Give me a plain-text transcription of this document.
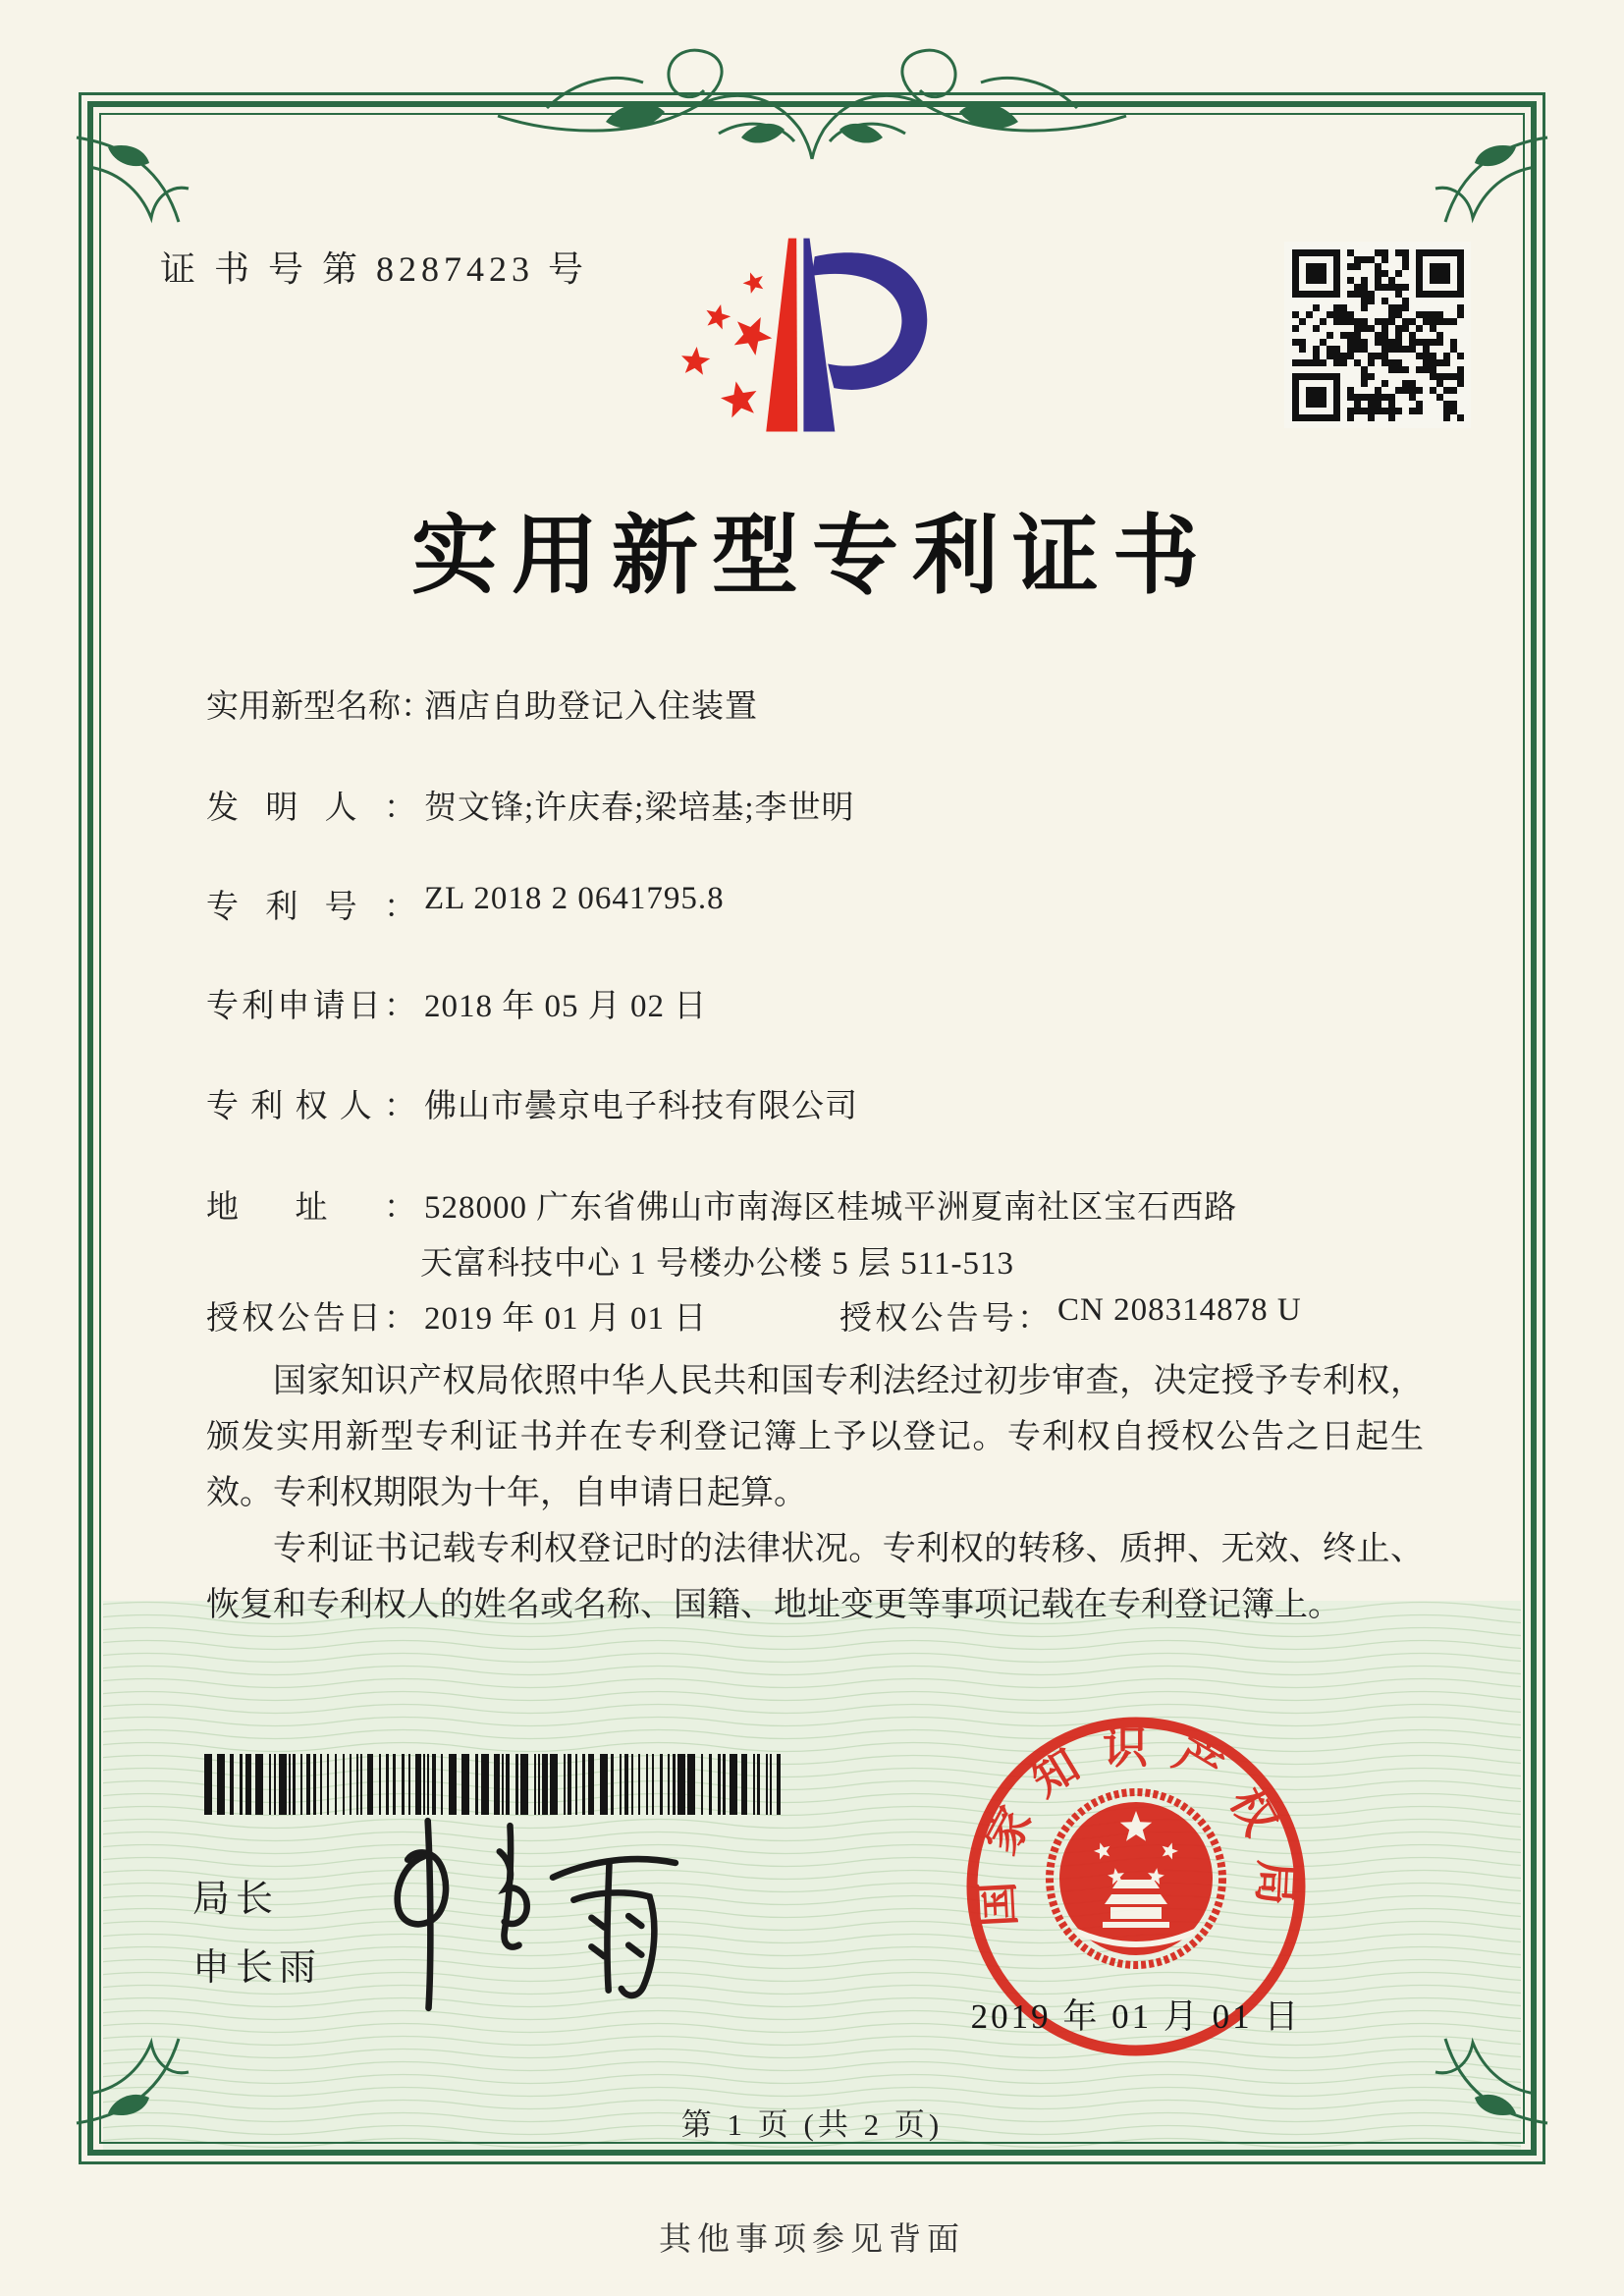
证 书 号 第 8287423 号
实用新型专利证书
实用新型名称：酒店自助登记入住装置
发明人： 贺文锋;许庆春;梁培基;李世明
专利号： ZL 2018 2 0641795.8
专利申请日： 2018 年 05 月 02 日
专利权人： 佛山市曇京电子科技有限公司
地址： 528000 广东省佛山市南海区桂城平洲夏南社区宝石西路
天富科技中心 1 号楼办公楼 5 层 511-513
授权公告日： 2019 年 01 月 01 日	授权公告号： CN 208314878 U

国家知识产权局依照中华人民共和国专利法经过初步审查，决定授予专利权，颁发实用新型专利证书并在专利登记簿上予以登记。专利权自授权公告之日起生效。专利权期限为十年，自申请日起算。

专利证书记载专利权登记时的法律状况。专利权的转移、质押、无效、终止、恢复和专利权人的姓名或名称、国籍、地址变更等事项记载在专利登记簿上。

局长
申长雨
国家知识产权局
2019 年 01 月 01 日
第 1 页 (共 2 页)
其他事项参见背面
